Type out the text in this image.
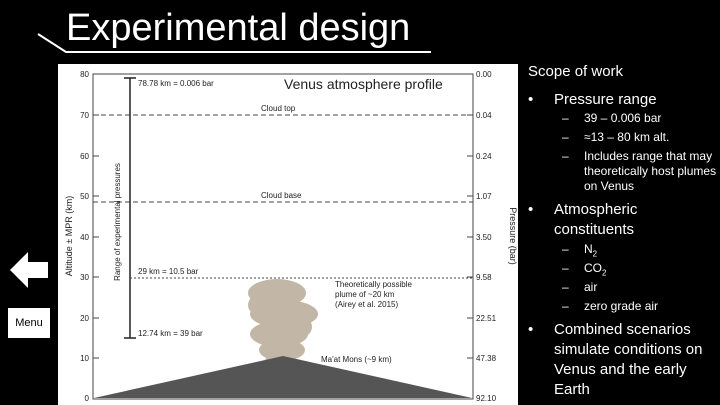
Experimental design
Menu
80
70
60
50
40
30
20
10
0
0.00
0.04
0.24
1.07
3.50
9.58
22.51
47.38
92.10
Altitude ± MPR (km)	Pressure (bar)
Cloud top
Cloud base
Range of experimental pressures
78.78 km = 0.006 bar
29 km = 10.5 bar
12.74 km = 39 bar
Theoretically possible
plume of ~20 km
(Airey et al. 2015)
Ma'at Mons (~9 km)
Venus atmosphere profile
Scope of work
• Pressure range
– 39 – 0.006 bar
– ≈13 – 80 km alt.
– Includes range that may theoretically host plumes on Venus
• Atmospheric constituents
– $N_2$
– $CO_2$
– air
– zero grade air
• Combined scenarios simulate conditions on Venus and the early Earth
